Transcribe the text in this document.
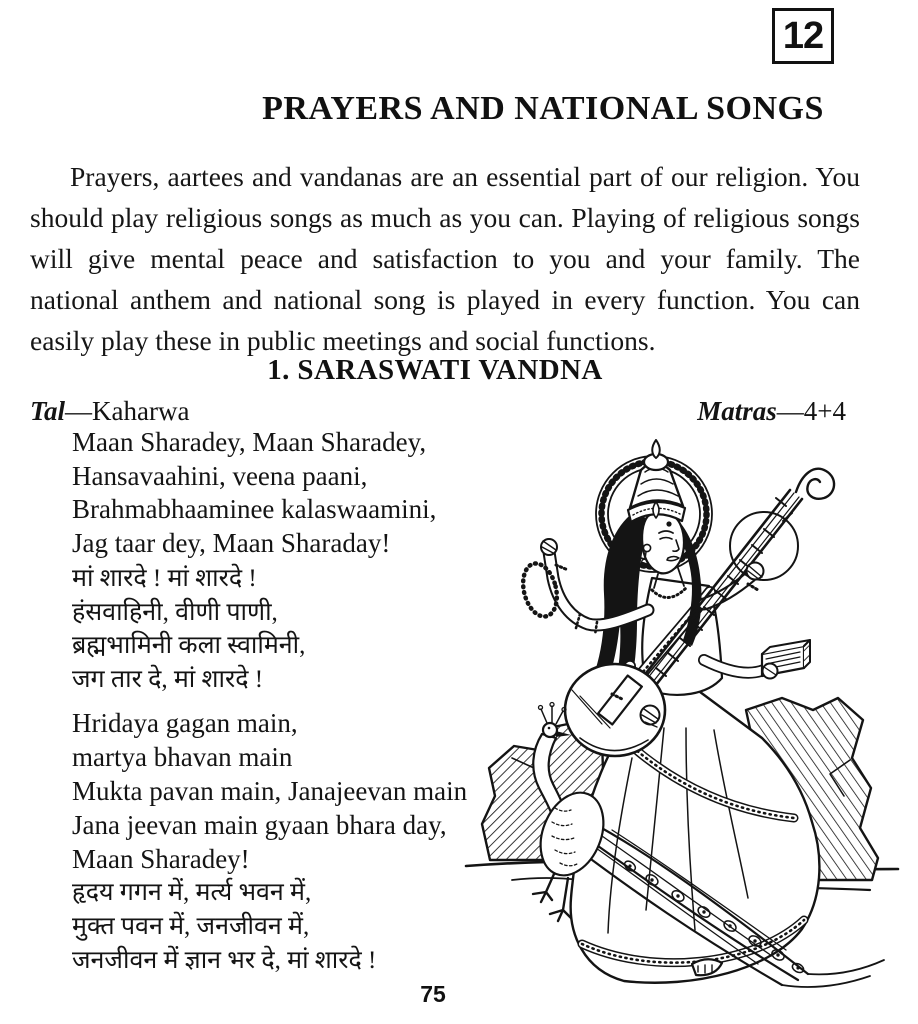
12
PRAYERS AND NATIONAL SONGS

Prayers, aartees and vandanas are an essential part of our religion. You should play religious songs as much as you can. Playing of religious songs will give mental peace and satisfaction to you and your family. The national anthem and national song is played in every function. You can easily play these in public meetings and social functions.

1. SARASWATI VANDNA
Tal—Kaharwa	Matras—4+4
Maan Sharadey, Maan Sharadey,
Hansavaahini, veena paani,
Brahmabhaaminee kalaswaamini,
Jag taar dey, Maan Sharaday!
मां शारदे ! मां शारदे !
हंसवाहिनी, वीणी पाणी,
ब्रह्मभामिनी कला स्वामिनी,
जग तार दे, मां शारदे !
Hridaya gagan main,
martya bhavan main
Mukta pavan main, Janajeevan main
Jana jeevan main gyaan bhara day,
Maan Sharadey!
हृदय गगन में, मर्त्य भवन में,
मुक्त पवन में, जनजीवन में,
जनजीवन में ज्ञान भर दे, मां शारदे !
75
